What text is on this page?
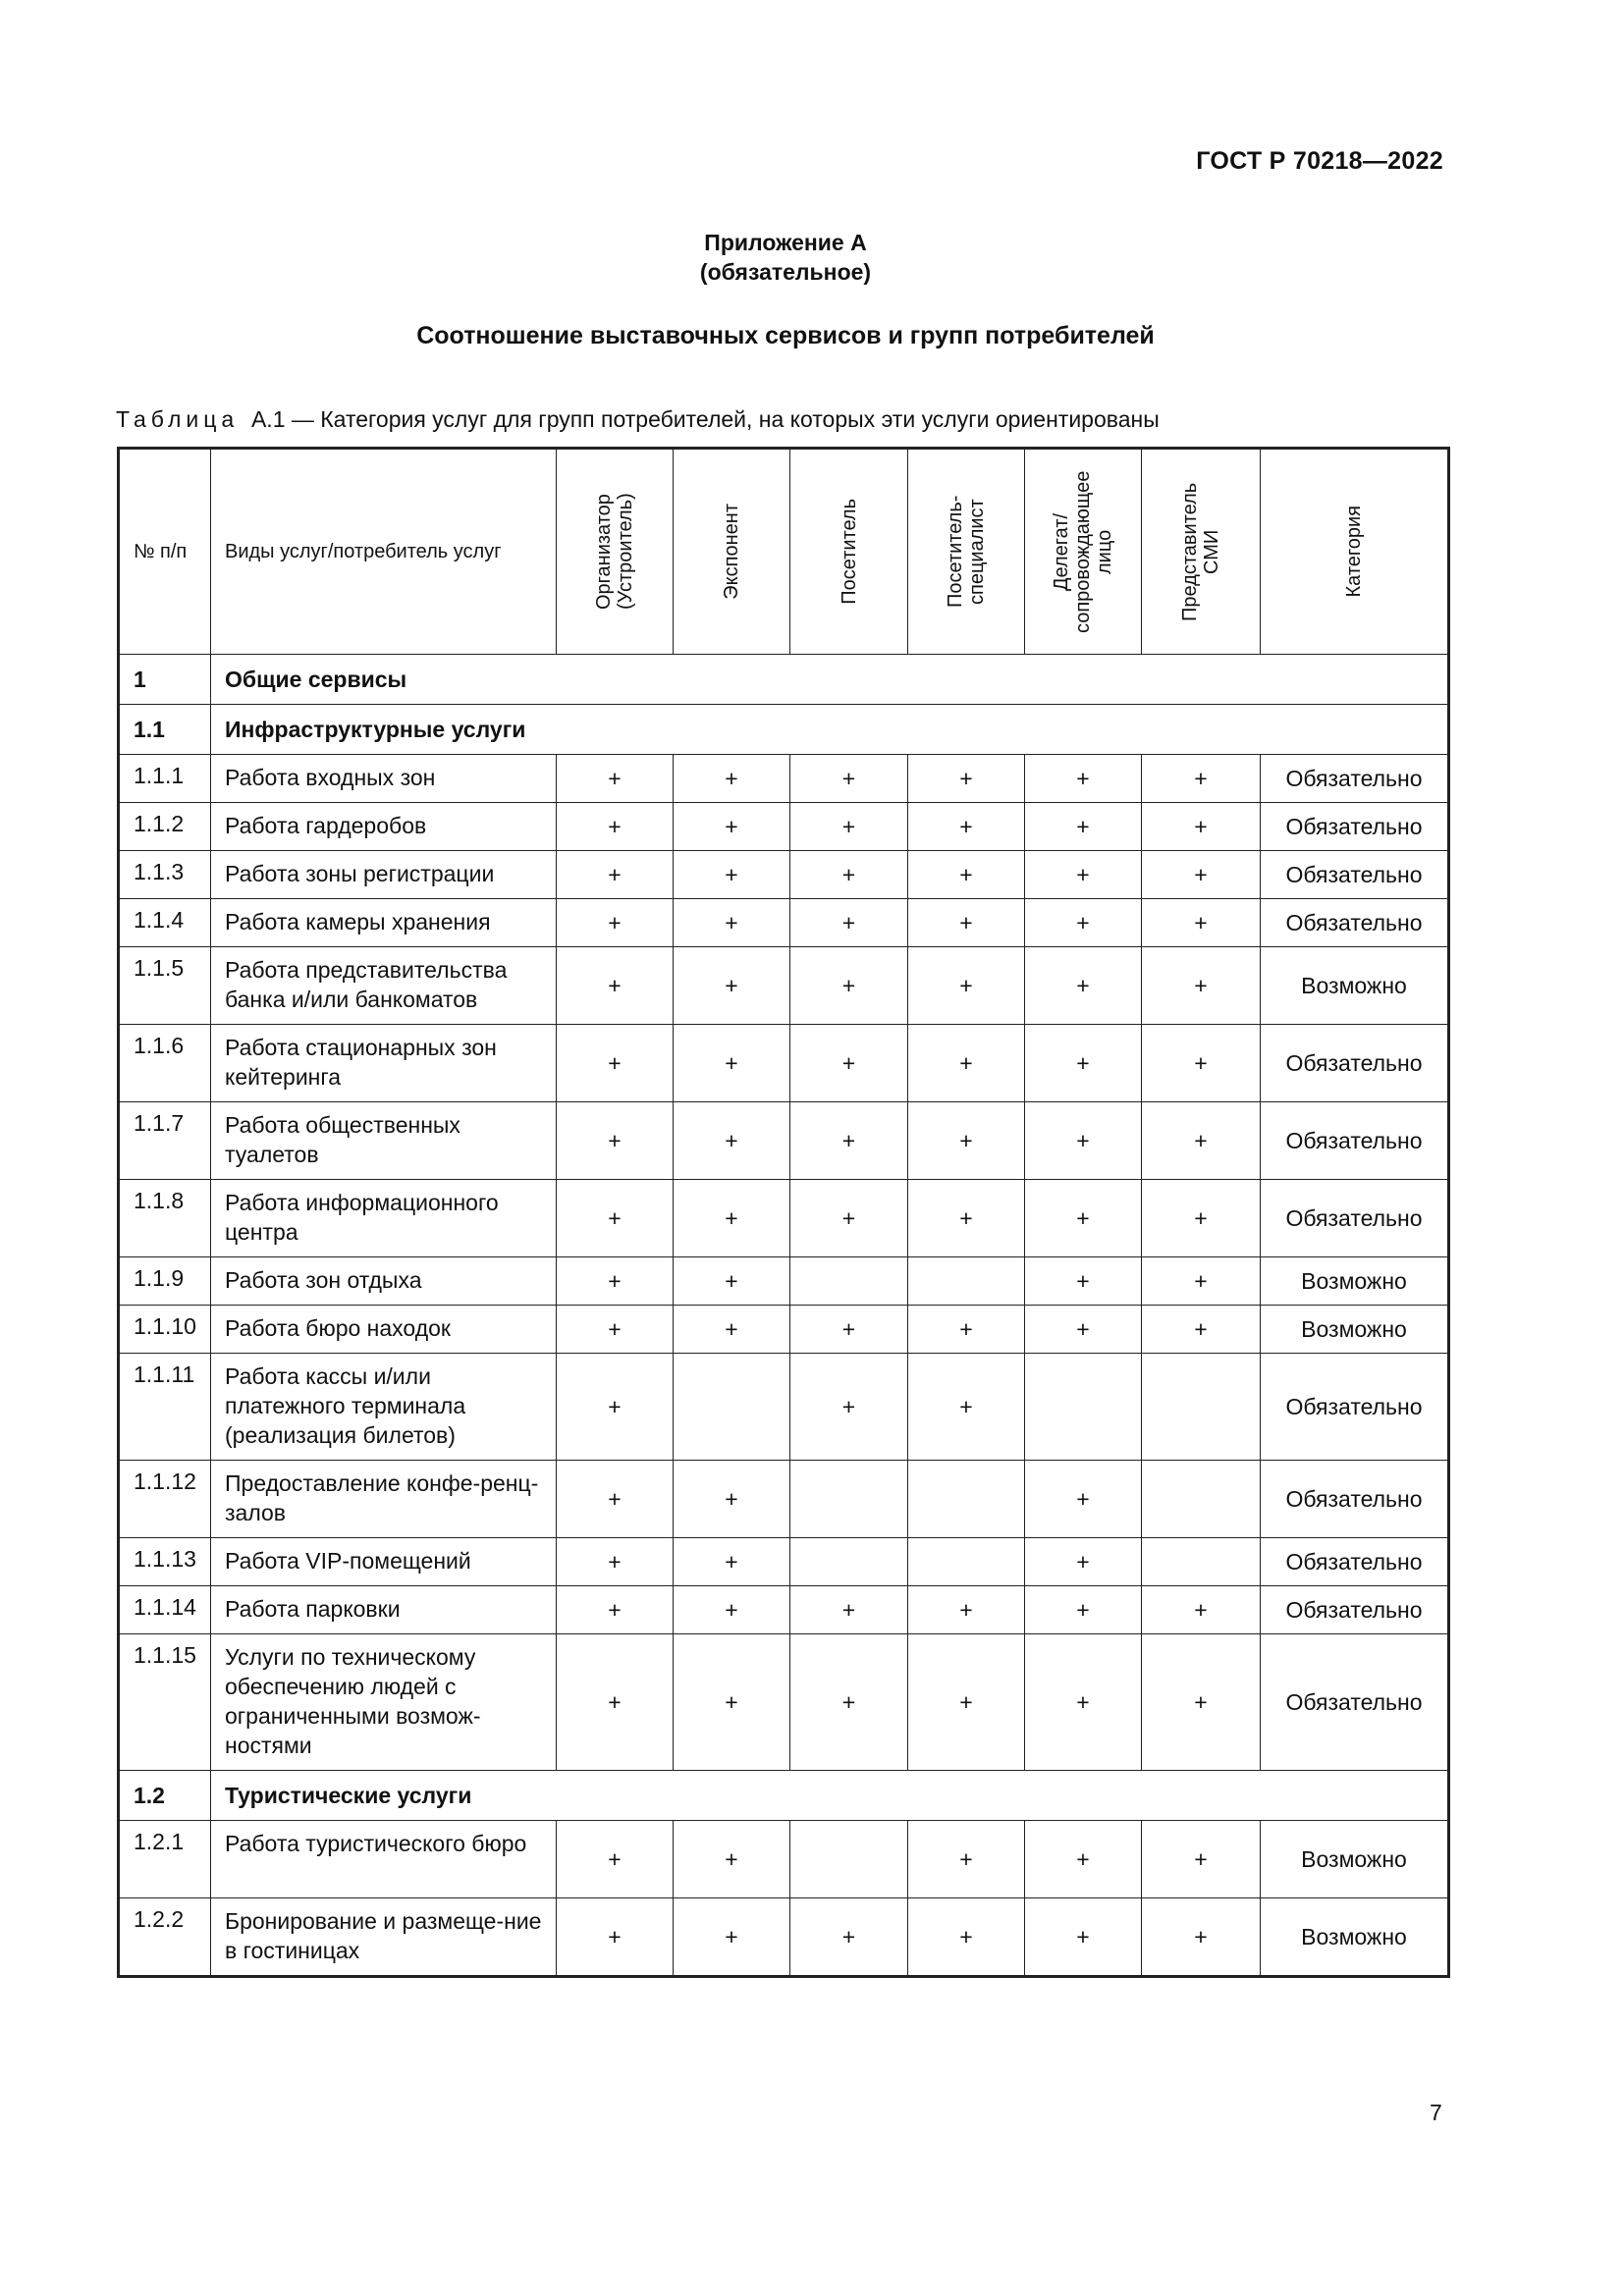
ГОСТ Р 70218—2022
Приложение А
(обязательное)
Соотношение выставочных сервисов и групп потребителей
Таблица А.1 — Категория услуг для групп потребителей, на которых эти услуги ориентированы
№ п/п	Виды услуг/потребитель услуг	Организатор (Устроитель)	Экспонент	Посетитель	Посетитель-специалист	Делегат/ сопровождающее лицо	Представитель СМИ	Категория

1	Общие сервисы							
1.1	Инфраструктурные услуги							
1.1.1	Работа входных зон	+	+	+	+	+	+	Обязательно
1.1.2	Работа гардеробов	+	+	+	+	+	+	Обязательно
1.1.3	Работа зоны регистрации	+	+	+	+	+	+	Обязательно
1.1.4	Работа камеры хранения	+	+	+	+	+	+	Обязательно
1.1.5	Работа представительства банка и/или банкоматов	+	+	+	+	+	+	Возможно
1.1.6	Работа стационарных зон кейтеринга	+	+	+	+	+	+	Обязательно
1.1.7	Работа общественных туалетов	+	+	+	+	+	+	Обязательно
1.1.8	Работа информационного центра	+	+	+	+	+	+	Обязательно
1.1.9	Работа зон отдыха	+	+			+	+	Возможно
1.1.10	Работа бюро находок	+	+	+	+	+	+	Возможно
1.1.11	Работа кассы и/или платежного терминала (реализация билетов)	+		+	+			Обязательно
1.1.12	Предоставление конфе-ренц-залов	+	+			+		Обязательно
1.1.13	Работа VIP-помещений	+	+			+		Обязательно
1.1.14	Работа парковки	+	+	+	+	+	+	Обязательно
1.1.15	Услуги по техническому обеспечению людей с ограниченными возмож-ностями	+	+	+	+	+	+	Обязательно
1.2	Туристические услуги							
1.2.1	Работа туристического бюро	+	+		+	+	+	Возможно
1.2.2	Бронирование и размеще-ние в гостиницах	+	+	+	+	+	+	Возможно
7
